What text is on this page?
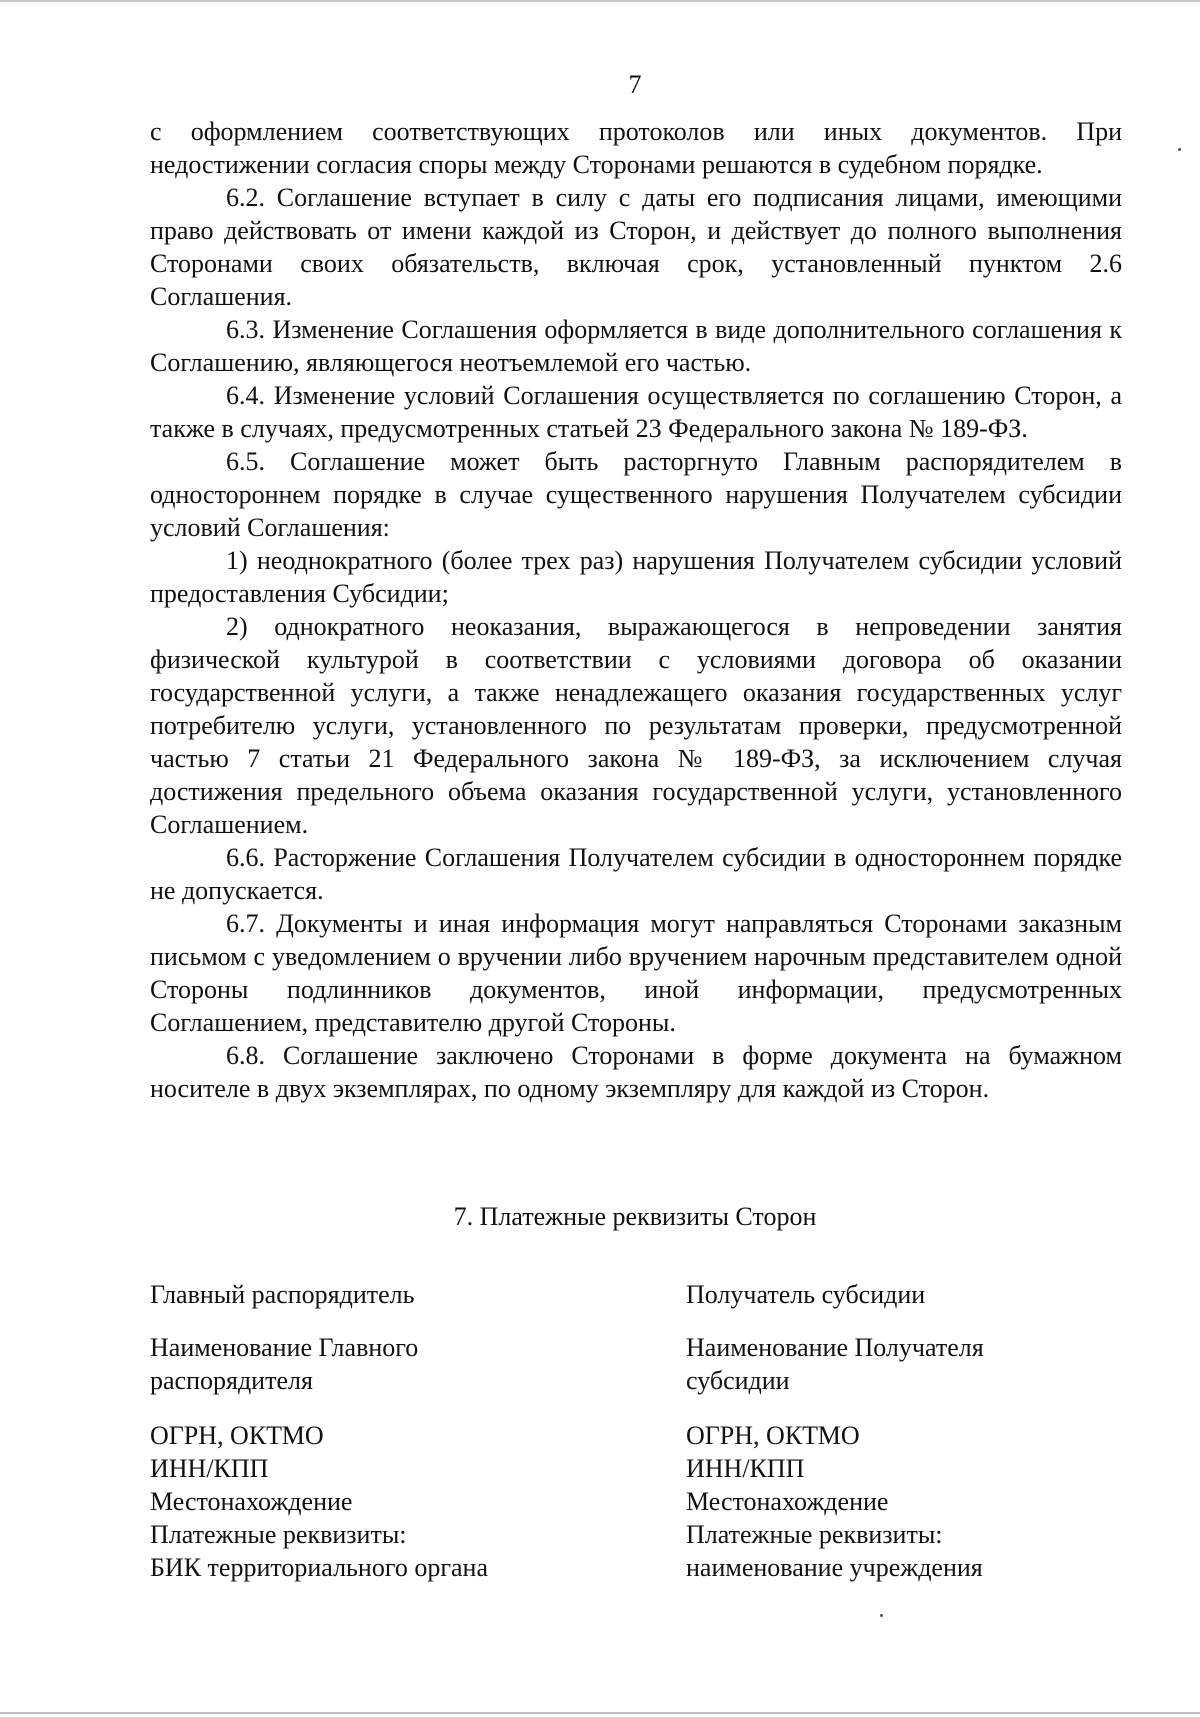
7

с оформлением соответствующих протоколов или иных документов. При недостижении согласия споры между Сторонами решаются в судебном порядке.

6.2. Соглашение вступает в силу с даты его подписания лицами, имеющими право действовать от имени каждой из Сторон, и действует до полного выполнения Сторонами своих обязательств, включая срок, установленный пунктом 2.6 Соглашения.

6.3. Изменение Соглашения оформляется в виде дополнительного соглашения к Соглашению, являющегося неотъемлемой его частью.

6.4. Изменение условий Соглашения осуществляется по соглашению Сторон, а также в случаях, предусмотренных статьей 23 Федерального закона № 189-ФЗ.

6.5. Соглашение может быть расторгнуто Главным распорядителем в одностороннем порядке в случае существенного нарушения Получателем субсидии условий Соглашения:

1) неоднократного (более трех раз) нарушения Получателем субсидии условий предоставления Субсидии;

2) однократного неоказания, выражающегося в непроведении занятия физической культурой в соответствии с условиями договора об оказании государственной услуги, а также ненадлежащего оказания государственных услуг потребителю услуги, установленного по результатам проверки, предусмотренной частью 7 статьи 21 Федерального закона № 189-ФЗ, за исключением случая достижения предельного объема оказания государственной услуги, установленного Соглашением.

6.6. Расторжение Соглашения Получателем субсидии в одностороннем порядке не допускается.

6.7. Документы и иная информация могут направляться Сторонами заказным письмом с уведомлением о вручении либо вручением нарочным представителем одной Стороны подлинников документов, иной информации, предусмотренных Соглашением, представителю другой Стороны.

6.8. Соглашение заключено Сторонами в форме документа на бумажном носителе в двух экземплярах, по одному экземпляру для каждой из Сторон.

7. Платежные реквизиты Сторон
Главный распорядитель
Наименование Главного
распорядителя
ОГРН, ОКТМО
ИНН/КПП
Местонахождение
Платежные реквизиты:
БИК территориального органа
Получатель субсидии
Наименование Получателя
субсидии
ОГРН, ОКТМО
ИНН/КПП
Местонахождение
Платежные реквизиты:
наименование учреждения
